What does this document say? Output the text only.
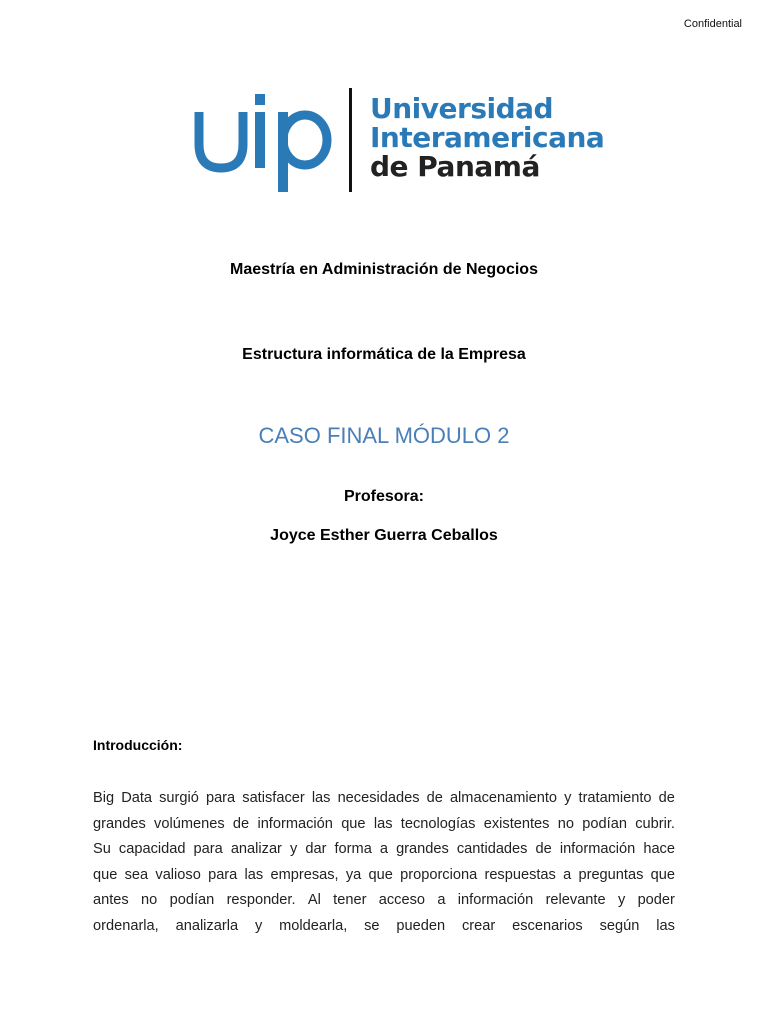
Confidential
Universidad
Interamericana
de Panamá
Maestría en Administración de Negocios
Estructura informática de la Empresa
CASO FINAL MÓDULO 2
Profesora:
Joyce Esther Guerra Ceballos
Introducción:
Big Data surgió para satisfacer las necesidades de almacenamiento y tratamiento de
grandes volúmenes de información que las tecnologías existentes no podían cubrir.
Su capacidad para analizar y dar forma a grandes cantidades de información hace
que sea valioso para las empresas, ya que proporciona respuestas a preguntas que
antes no podían responder. Al tener acceso a información relevante y poder
ordenarla, analizarla y moldearla, se pueden crear escenarios según las
